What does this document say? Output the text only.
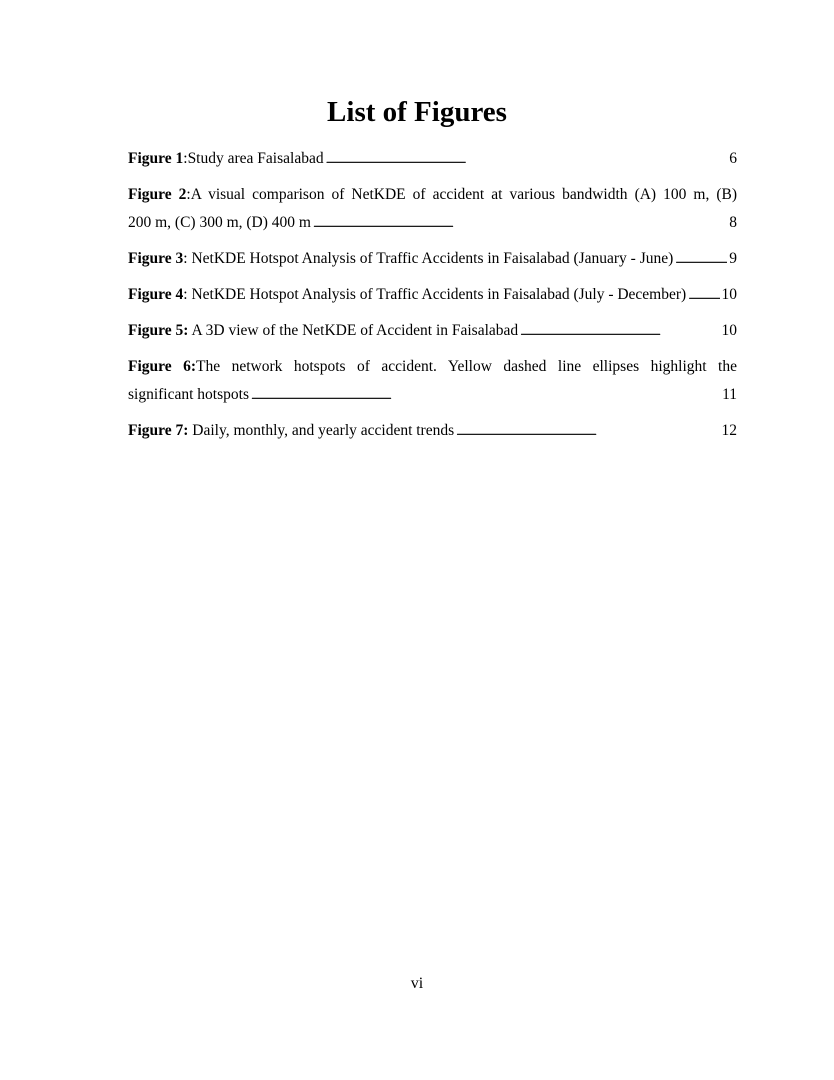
List of Figures
Figure 1:Study area Faisalabad . . .	6
Figure 2:A visual comparison of NetKDE of accident at various bandwidth (A) 100 m, (B)
200 m, (C) 300 m, (D) 400 m . . .	8
Figure 3: NetKDE Hotspot Analysis of Traffic Accidents in Faisalabad (January - June) . . .	9
Figure 4: NetKDE Hotspot Analysis of Traffic Accidents in Faisalabad (July - December) . . . 10
Figure 5: A 3D view of the NetKDE of Accident in Faisalabad . . .	10
Figure 6:The network hotspots of accident. Yellow dashed line ellipses highlight the
significant hotspots . . .	11
Figure 7: Daily, monthly, and yearly accident trends . . .	12
vi
